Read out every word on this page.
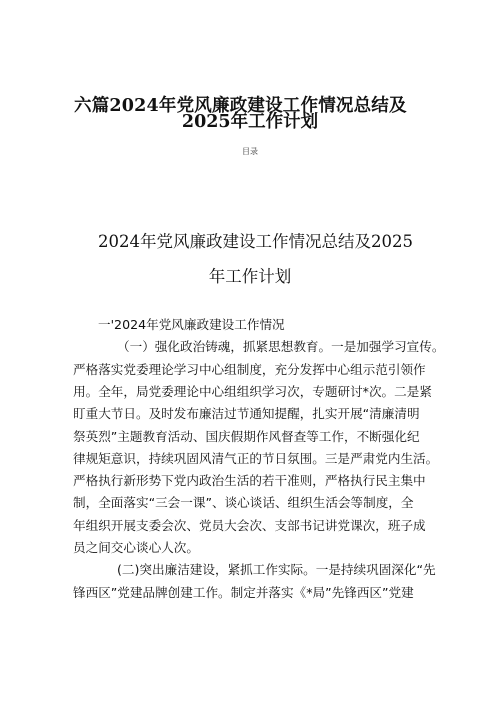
六篇2024年党风廉政建设工作情况总结及
2025年工作计划
目录
2024年党风廉政建设工作情况总结及2025
年工作计划
一'2024年党风廉政建设工作情况
（一）强化政治铸魂，抓紧思想教育。一是加强学习宣传。
严格落实党委理论学习中心组制度，充分发挥中心组示范引领作
用。全年，局党委理论中心组组织学习次，专题研讨*次。二是紧
盯重大节日。及时发布廉洁过节通知提醒，扎实开展“清廉清明
祭英烈”主题教育活动、国庆假期作风督查等工作，不断强化纪
律规矩意识，持续巩固风清气正的节日氛围。三是严肃党内生活。
严格执行新形势下党内政治生活的若干准则，严格执行民主集中
制，全面落实“三会一课”、谈心谈话、组织生活会等制度，全
年组织开展支委会次、党员大会次、支部书记讲党课次，班子成
员之间交心谈心人次。
(二)突出廉洁建设，紧抓工作实际。一是持续巩固深化“先
锋西区”党建品牌创建工作。制定并落实《*局”先锋西区”党建
